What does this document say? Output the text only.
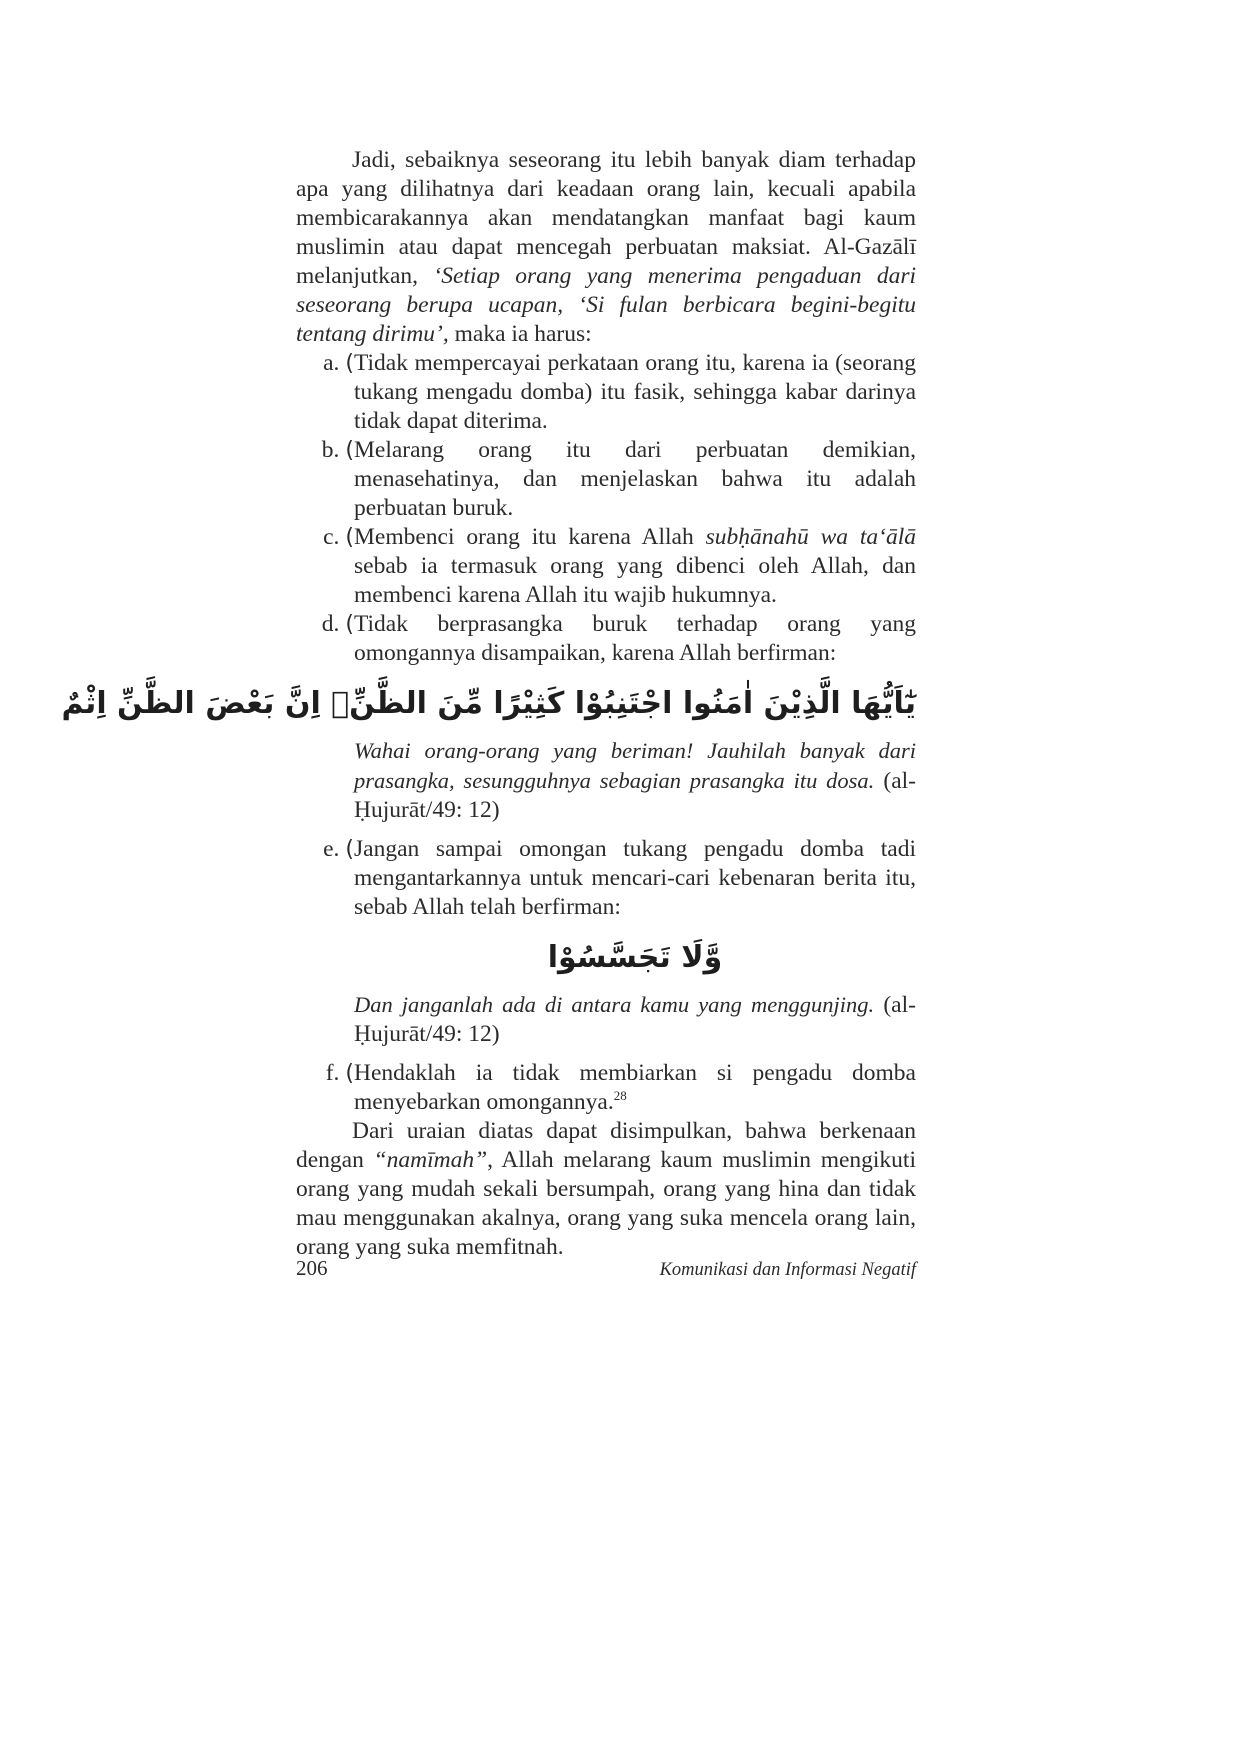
Jadi, sebaiknya seseorang itu lebih banyak diam terhadap apa yang dilihatnya dari keadaan orang lain, kecuali apabila membicarakannya akan mendatangkan manfaat bagi kaum muslimin atau dapat mencegah perbuatan maksiat. Al-Gazālī melanjutkan, ‘Setiap orang yang menerima pengaduan dari seseorang berupa ucapan, ‘Si fulan berbicara begini-begitu tentang dirimu’, maka ia harus:

a. ( Tidak mempercayai perkataan orang itu, karena ia (seorang tukang mengadu domba) itu fasik, sehingga kabar darinya tidak dapat diterima.
b. ( Melarang orang itu dari perbuatan demikian, menasehatinya, dan menjelaskan bahwa itu adalah perbuatan buruk.
c. ( Membenci orang itu karena Allah subḥānahū wa ta‘ālā sebab ia termasuk orang yang dibenci oleh Allah, dan membenci karena Allah itu wajib hukumnya.
d. ( Tidak berprasangka buruk terhadap orang yang omongannya disampaikan, karena Allah berfirman:
يٰٓاَيُّهَا الَّذِيْنَ اٰمَنُوا اجْتَنِبُوْا كَثِيْرًا مِّنَ الظَّنِّۖ اِنَّ بَعْضَ الظَّنِّ اِثْمٌ
Wahai orang-orang yang beriman! Jauhilah banyak dari prasangka, sesungguhnya sebagian prasangka itu dosa. (al-Ḥujurāt/49: 12)
e. ( Jangan sampai omongan tukang pengadu domba tadi mengantarkannya untuk mencari-cari kebenaran berita itu, sebab Allah telah berfirman:
وَّلَا تَجَسَّسُوْا
Dan janganlah ada di antara kamu yang menggunjing. (al-Ḥujurāt/49: 12)
f. ( Hendaklah ia tidak membiarkan si pengadu domba menyebarkan omongannya.$^{28}$

Dari uraian diatas dapat disimpulkan, bahwa berkenaan dengan “namīmah”, Allah melarang kaum muslimin mengikuti orang yang mudah sekali bersumpah, orang yang hina dan tidak mau menggunakan akalnya, orang yang suka mencela orang lain, orang yang suka memfitnah.

206	Komunikasi dan Informasi Negatif
